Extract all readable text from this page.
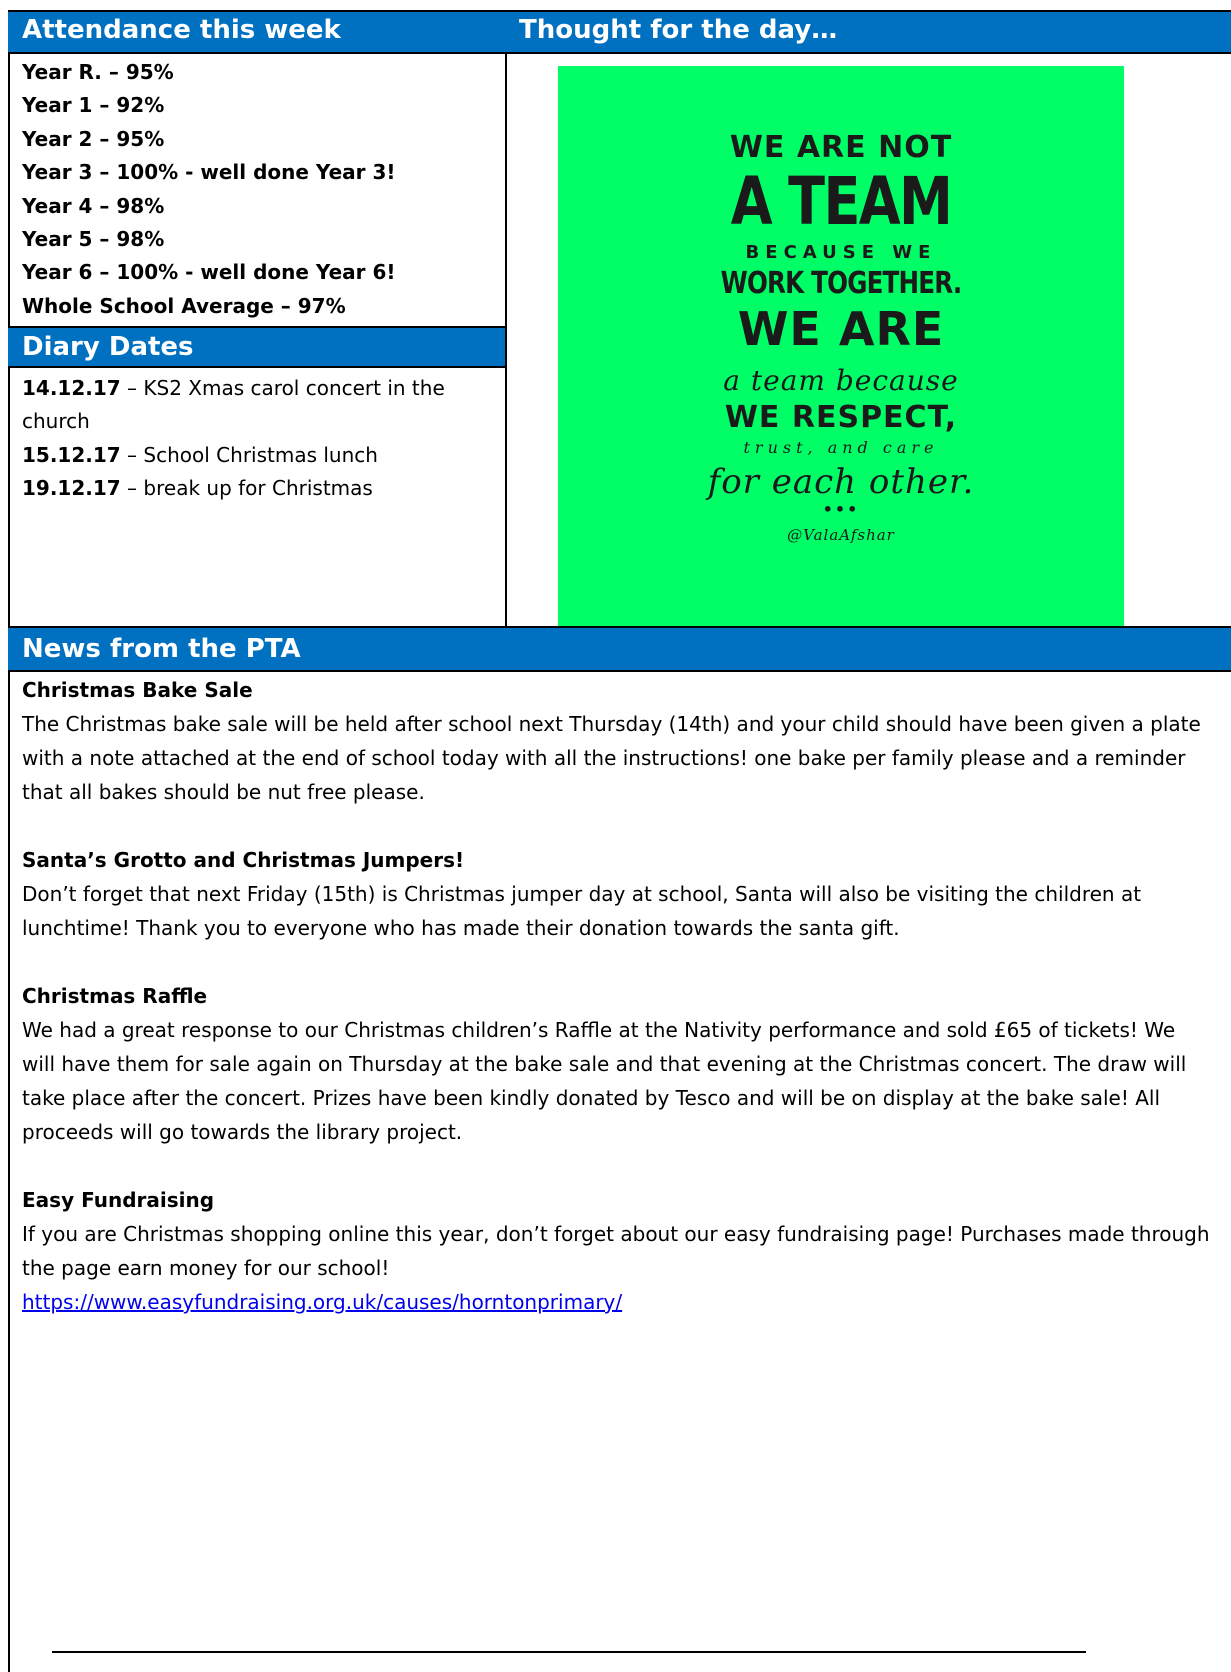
Attendance this week	Thought for the day…
Year R. – 95%
Year 1 – 92%
Year 2 – 95%
Year 3 – 100% - well done Year 3!
Year 4 – 98%
Year 5 – 98%
Year 6 – 100% - well done Year 6!
Whole School Average – 97%
Diary Dates
14.12.17 – KS2 Xmas carol concert in the church
15.12.17 – School Christmas lunch
19.12.17 – break up for Christmas
WE ARE NOT
A TEAM
BECAUSE WE
WORK TOGETHER.
WE ARE
a team because
WE RESPECT,
trust, and care
for each other.
•••
@ValaAfshar
News from the PTA
Christmas Bake Sale

The Christmas bake sale will be held after school next Thursday (14th) and your child should have been given a plate with a note attached at the end of school today with all the instructions! one bake per family please and a reminder that all bakes should be nut free please.

Santa’s Grotto and Christmas Jumpers!

Don’t forget that next Friday (15th) is Christmas jumper day at school, Santa will also be visiting the children at lunchtime! Thank you to everyone who has made their donation towards the santa gift.

Christmas Raffle

We had a great response to our Christmas children’s Raffle at the Nativity performance and sold £65 of tickets! We will have them for sale again on Thursday at the bake sale and that evening at the Christmas concert. The draw will take place after the concert. Prizes have been kindly donated by Tesco and will be on display at the bake sale! All proceeds will go towards the library project.

Easy Fundraising

If you are Christmas shopping online this year, don’t forget about our easy fundraising page! Purchases made through the page earn money for our school!

https://www.easyfundraising.org.uk/causes/horntonprimary/
